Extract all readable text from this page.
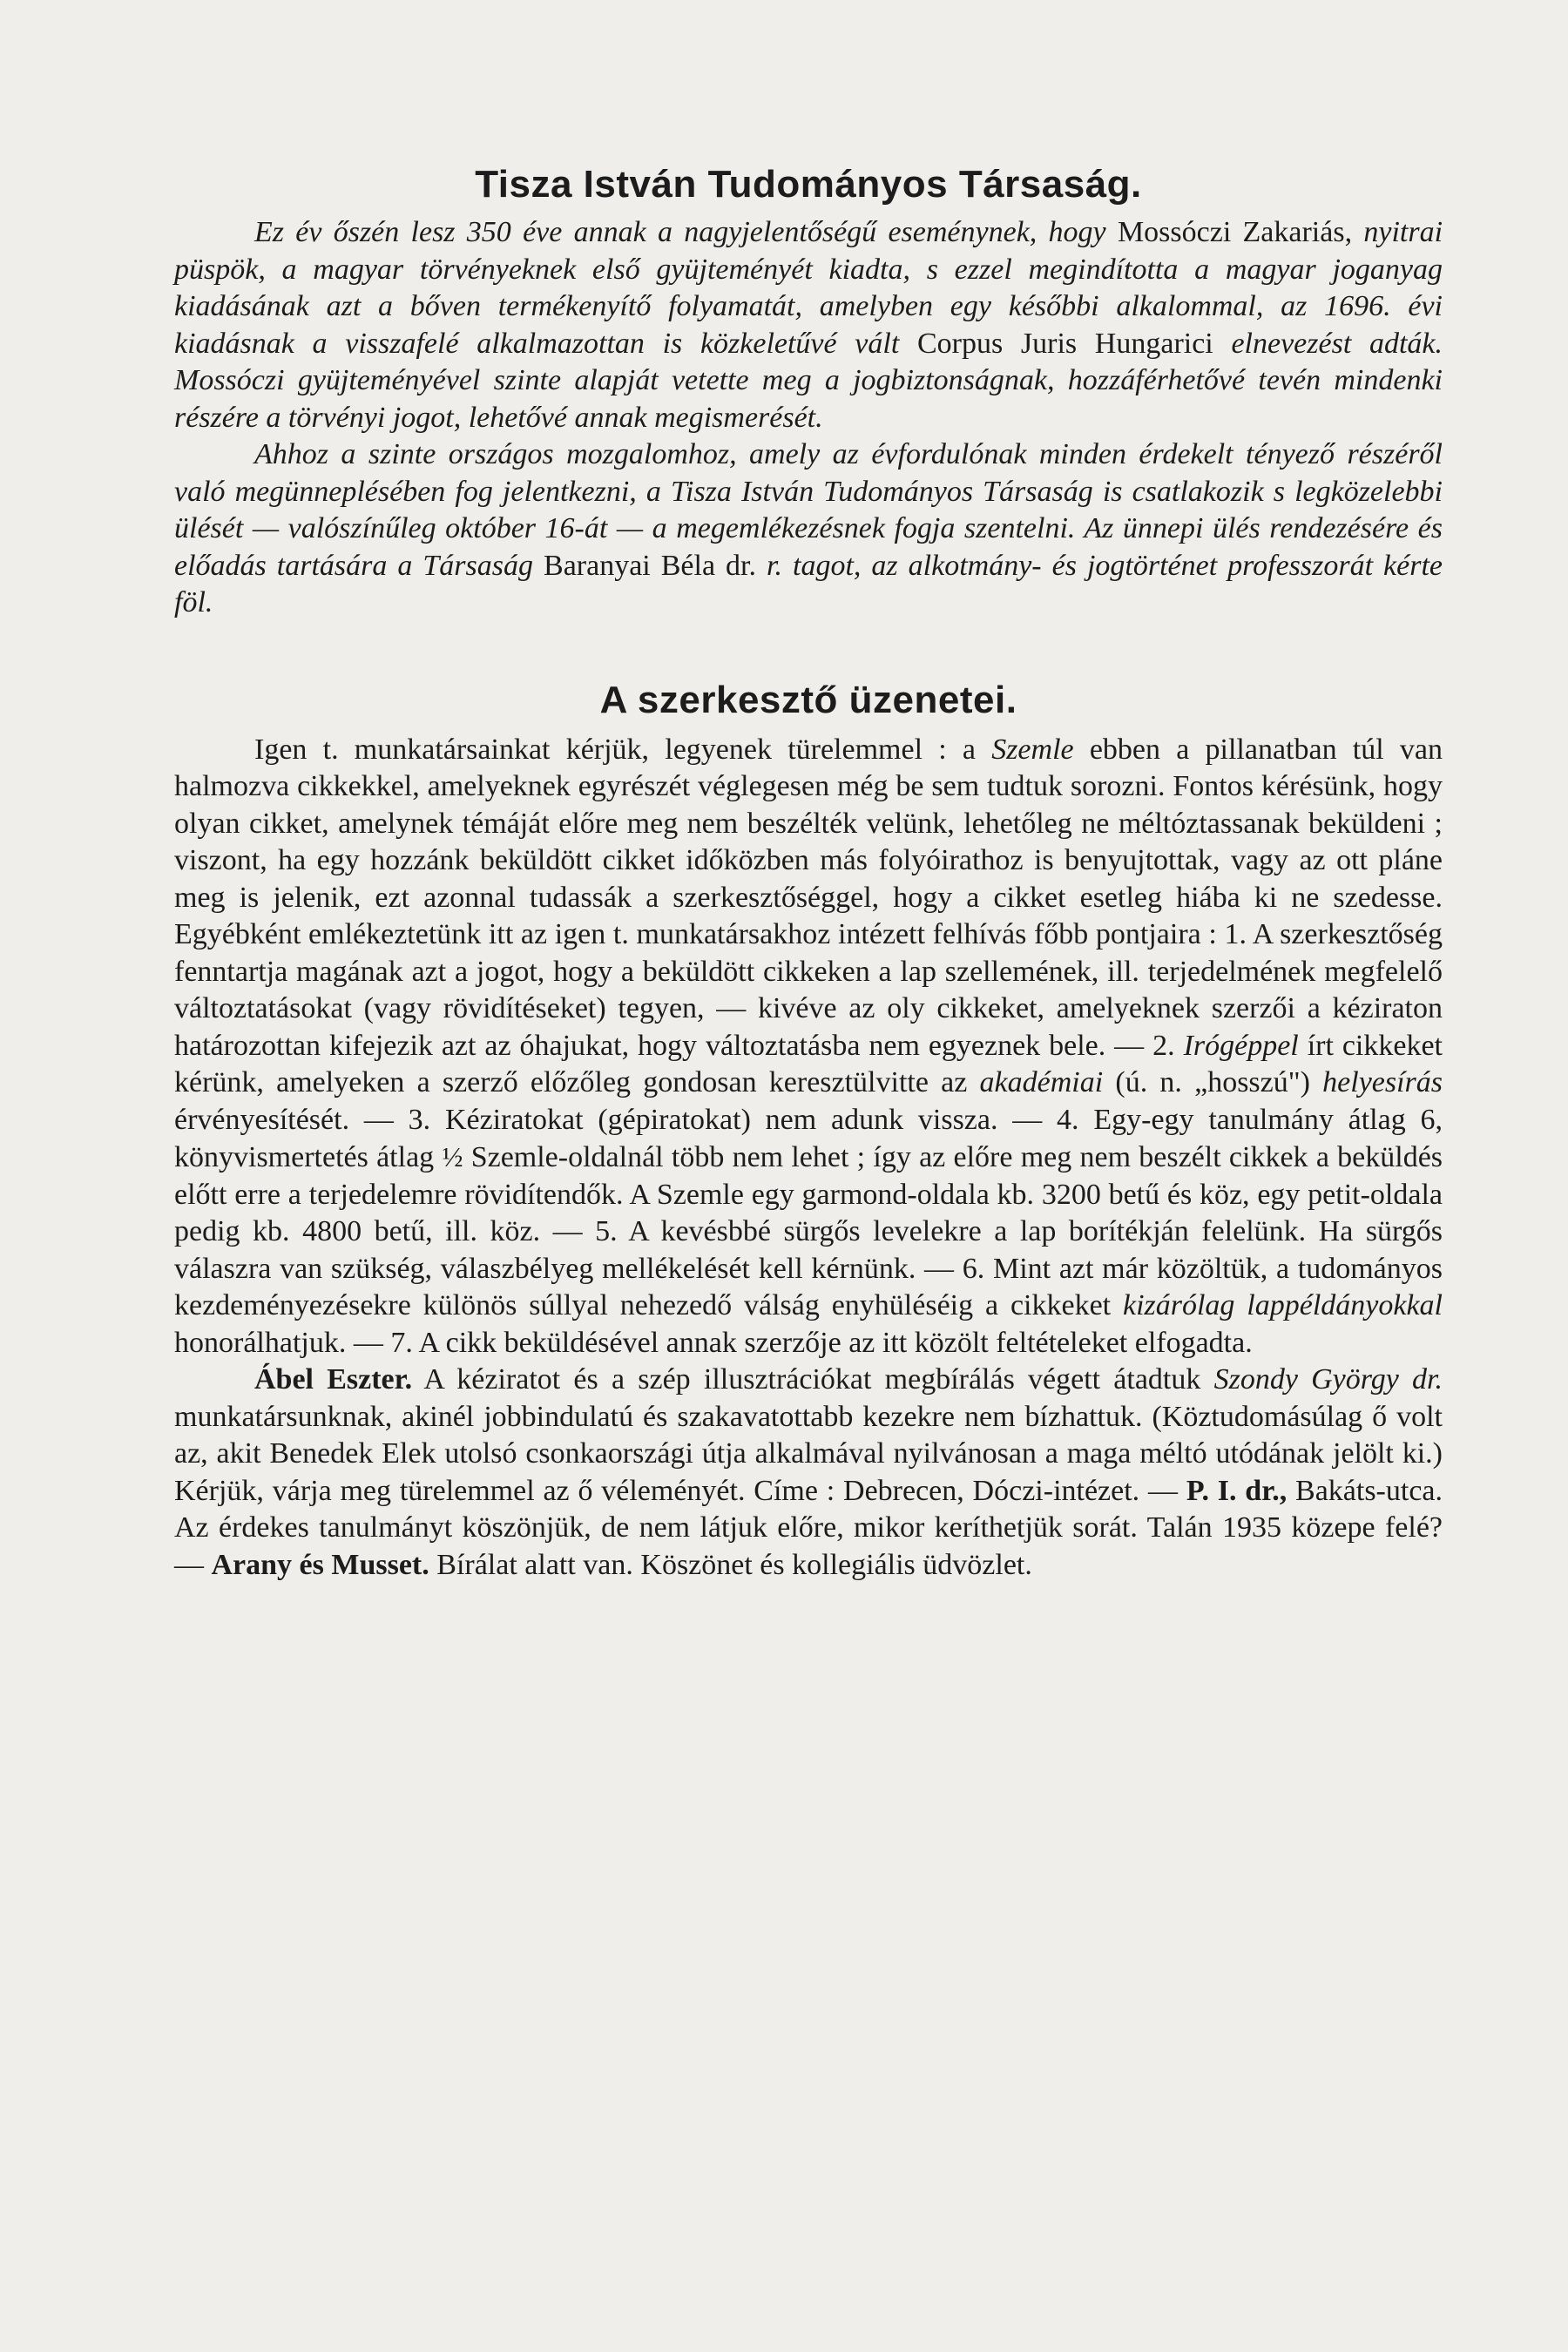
Tisza István Tudományos Társaság.

Ez év őszén lesz 350 éve annak a nagyjelentőségű eseménynek, hogy Mossóczi Zakariás, nyitrai püspök, a magyar törvényeknek első gyüjteményét kiadta, s ezzel megindította a magyar joganyag kiadásának azt a bőven termékenyítő folyamatát, amelyben egy későbbi alkalommal, az 1696. évi kiadásnak a visszafelé alkalmazottan is közkeletűvé vált Corpus Juris Hungarici elnevezést adták. Mossóczi gyüjteményével szinte alapját vetette meg a jogbiztonságnak, hozzáférhetővé tevén mindenki részére a törvényi jogot, lehetővé annak megismerését.

Ahhoz a szinte országos mozgalomhoz, amely az évfordulónak minden érdekelt tényező részéről való megünneplésében fog jelentkezni, a Tisza István Tudományos Társaság is csatlakozik s legközelebbi ülését — valószínűleg október 16-át — a megemlékezésnek fogja szentelni. Az ünnepi ülés rendezésére és előadás tartására a Társaság Baranyai Béla dr. r. tagot, az alkotmány- és jogtörténet professzorát kérte föl.

A szerkesztő üzenetei.

Igen t. munkatársainkat kérjük, legyenek türelemmel : a Szemle ebben a pillanatban túl van halmozva cikkekkel, amelyeknek egyrészét véglegesen még be sem tudtuk sorozni. Fontos kérésünk, hogy olyan cikket, amelynek témáját előre meg nem beszélték velünk, lehetőleg ne méltóztassanak beküldeni ; viszont, ha egy hozzánk beküldött cikket időközben más folyóirathoz is benyujtottak, vagy az ott pláne meg is jelenik, ezt azonnal tudassák a szerkesztőséggel, hogy a cikket esetleg hiába ki ne szedesse. Egyébként emlékeztetünk itt az igen t. munkatársakhoz intézett felhívás főbb pontjaira : 1. A szerkesztőség fenntartja magának azt a jogot, hogy a beküldött cikkeken a lap szellemének, ill. terjedelmének megfelelő változtatásokat (vagy rövidítéseket) tegyen, — kivéve az oly cikkeket, amelyeknek szerzői a kéziraton határozottan kifejezik azt az óhajukat, hogy változtatásba nem egyeznek bele. — 2. Irógéppel írt cikkeket kérünk, amelyeken a szerző előzőleg gondosan keresztülvitte az akadémiai (ú. n. „hosszú") helyesírás érvényesítését. — 3. Kéziratokat (gépiratokat) nem adunk vissza. — 4. Egy-egy tanulmány átlag 6, könyvismertetés átlag ½ Szemle-oldalnál több nem lehet ; így az előre meg nem beszélt cikkek a beküldés előtt erre a terjedelemre rövidítendők. A Szemle egy garmond-oldala kb. 3200 betű és köz, egy petit-oldala pedig kb. 4800 betű, ill. köz. — 5. A kevésbbé sürgős levelekre a lap borítékján felelünk. Ha sürgős válaszra van szükség, válaszbélyeg mellékelését kell kérnünk. — 6. Mint azt már közöltük, a tudományos kezdeményezésekre különös súllyal nehezedő válság enyhüléséig a cikkeket kizárólag lappéldányokkal honorálhatjuk. — 7. A cikk beküldésével annak szerzője az itt közölt feltételeket elfogadta.

Ábel Eszter. A kéziratot és a szép illusztrációkat megbírálás végett átadtuk Szondy György dr. munkatársunknak, akinél jobbindulatú és szakavatottabb kezekre nem bízhattuk. (Köztudomásúlag ő volt az, akit Benedek Elek utolsó csonkaországi útja alkalmával nyilvánosan a maga méltó utódának jelölt ki.) Kérjük, várja meg türelemmel az ő véleményét. Címe : Debrecen, Dóczi-intézet. — P. I. dr., Bakáts-utca. Az érdekes tanulmányt köszönjük, de nem látjuk előre, mikor keríthetjük sorát. Talán 1935 közepe felé? — Arany és Musset. Bírálat alatt van. Köszönet és kollegiális üdvözlet.
